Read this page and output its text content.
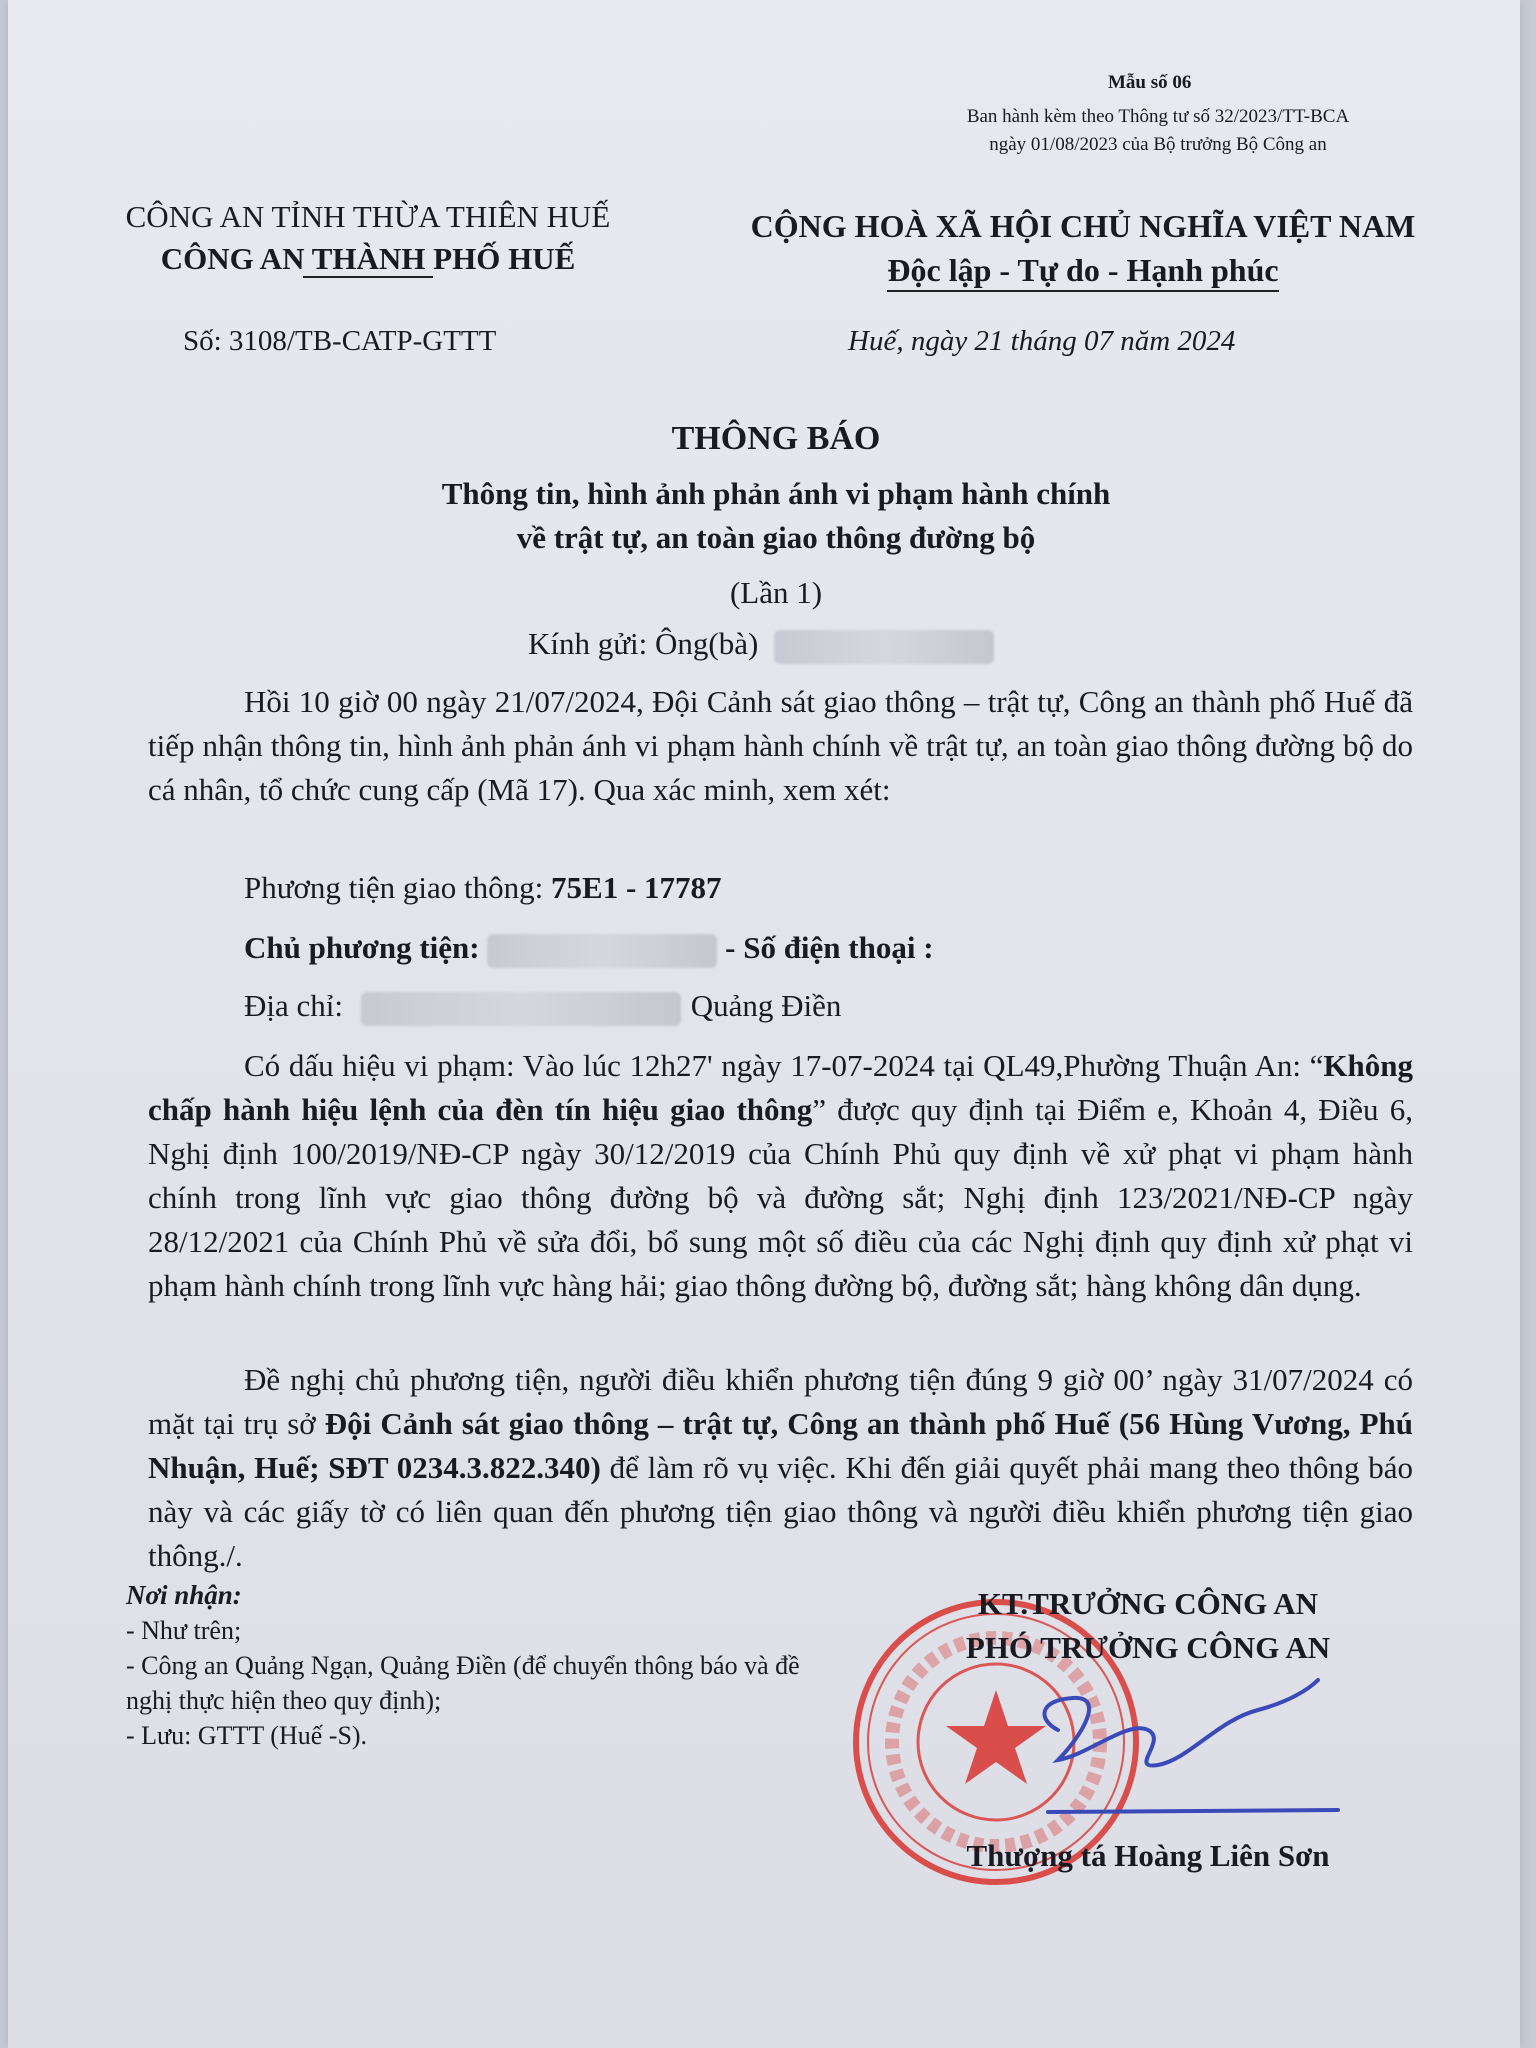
Mẫu số 06
Ban hành kèm theo Thông tư số 32/2023/TT-BCA
ngày 01/08/2023 của Bộ trưởng Bộ Công an
CÔNG AN TỈNH THỪA THIÊN HUẾ
CÔNG AN THÀNH PHỐ HUẾ
CỘNG HOÀ XÃ HỘI CHỦ NGHĨA VIỆT NAM
Độc lập - Tự do - Hạnh phúc
Số: 3108/TB-CATP-GTTT	Huế, ngày 21 tháng 07 năm 2024
THÔNG BÁO
Thông tin, hình ảnh phản ánh vi phạm hành chính
về trật tự, an toàn giao thông đường bộ
(Lần 1)
Kính gửi: Ông(bà)

Hồi 10 giờ 00 ngày 21/07/2024, Đội Cảnh sát giao thông – trật tự, Công an thành phố Huế đã tiếp nhận thông tin, hình ảnh phản ánh vi phạm hành chính về trật tự, an toàn giao thông đường bộ do cá nhân, tổ chức cung cấp (Mã 17). Qua xác minh, xem xét:

Phương tiện giao thông: 75E1 - 17787
Chủ phương tiện:	- Số điện thoại :
Địa chỉ:	Quảng Điền

Có dấu hiệu vi phạm: Vào lúc 12h27' ngày 17-07-2024 tại QL49,Phường Thuận An: “Không chấp hành hiệu lệnh của đèn tín hiệu giao thông” được quy định tại Điểm e, Khoản 4, Điều 6, Nghị định 100/2019/NĐ-CP ngày 30/12/2019 của Chính Phủ quy định về xử phạt vi phạm hành chính trong lĩnh vực giao thông đường bộ và đường sắt; Nghị định 123/2021/NĐ-CP ngày 28/12/2021 của Chính Phủ về sửa đổi, bổ sung một số điều của các Nghị định quy định xử phạt vi phạm hành chính trong lĩnh vực hàng hải; giao thông đường bộ, đường sắt; hàng không dân dụng.

Đề nghị chủ phương tiện, người điều khiển phương tiện đúng 9 giờ 00’ ngày 31/07/2024 có mặt tại trụ sở Đội Cảnh sát giao thông – trật tự, Công an thành phố Huế (56 Hùng Vương, Phú Nhuận, Huế; SĐT 0234.3.822.340) để làm rõ vụ việc. Khi đến giải quyết phải mang theo thông báo này và các giấy tờ có liên quan đến phương tiện giao thông và người điều khiển phương tiện giao thông./.

Nơi nhận:
- Như trên;
- Công an Quảng Ngạn, Quảng Điền (để chuyển thông báo và đề nghị thực hiện theo quy định);
- Lưu: GTTT (Huế -S).
KT.TRƯỞNG CÔNG AN
PHÓ TRƯỞNG CÔNG AN
Thượng tá Hoàng Liên Sơn
